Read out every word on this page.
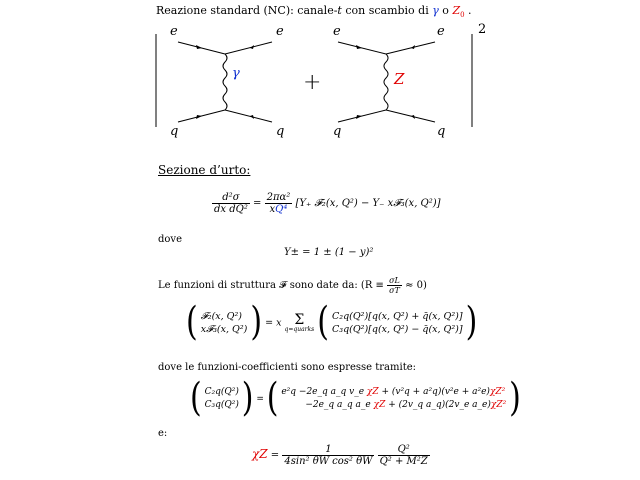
Reazione standard (NC): canale-t con scambio di γ o $Z_0$ .
e	e
q	q
γ	+
e	e
q	q
Z
2
Sezione d’urto:
$\frac{\text{d²σ}}{\text{dx dQ²}} = \frac{\text{2πα²}}{\text{xQ⁴}} [Y_+$ 𝓕₂(x, Q²) − Y₋ x𝓕₃(x, Q²)]
dove
Y± = 1 ± (1 − y)²
Le funzioni di struttura 𝓕 sono date da: $(R \equiv \frac{\sigma L}{\sigma T} \approx 0)$
( 𝓕₂(x, Q²)
x𝓕₃(x, Q²) ) = x Σ
q=quarks ( C₂q(Q²)[q(x, Q²) + q̄(x, Q²)]
C₃q(Q²)[q(x, Q²) − q̄(x, Q²)] )
dove le funzioni-coefficienti sono espresse tramite:
( C₂q(Q²)
C₃q(Q²) ) = ( e²q −2e_q a_q v_e χZ + (v²q + a²q)(v²e + a²e)χZ²
−2e_q a_q a_e χZ + (2v_q a_q)(2v_e a_e)χZ² )
e:
$\chi Z = \frac{1}{\text{4sin² θW cos² θW}}$
$\frac{\text{Q²}}{\text{Q² + M²Z}}$
